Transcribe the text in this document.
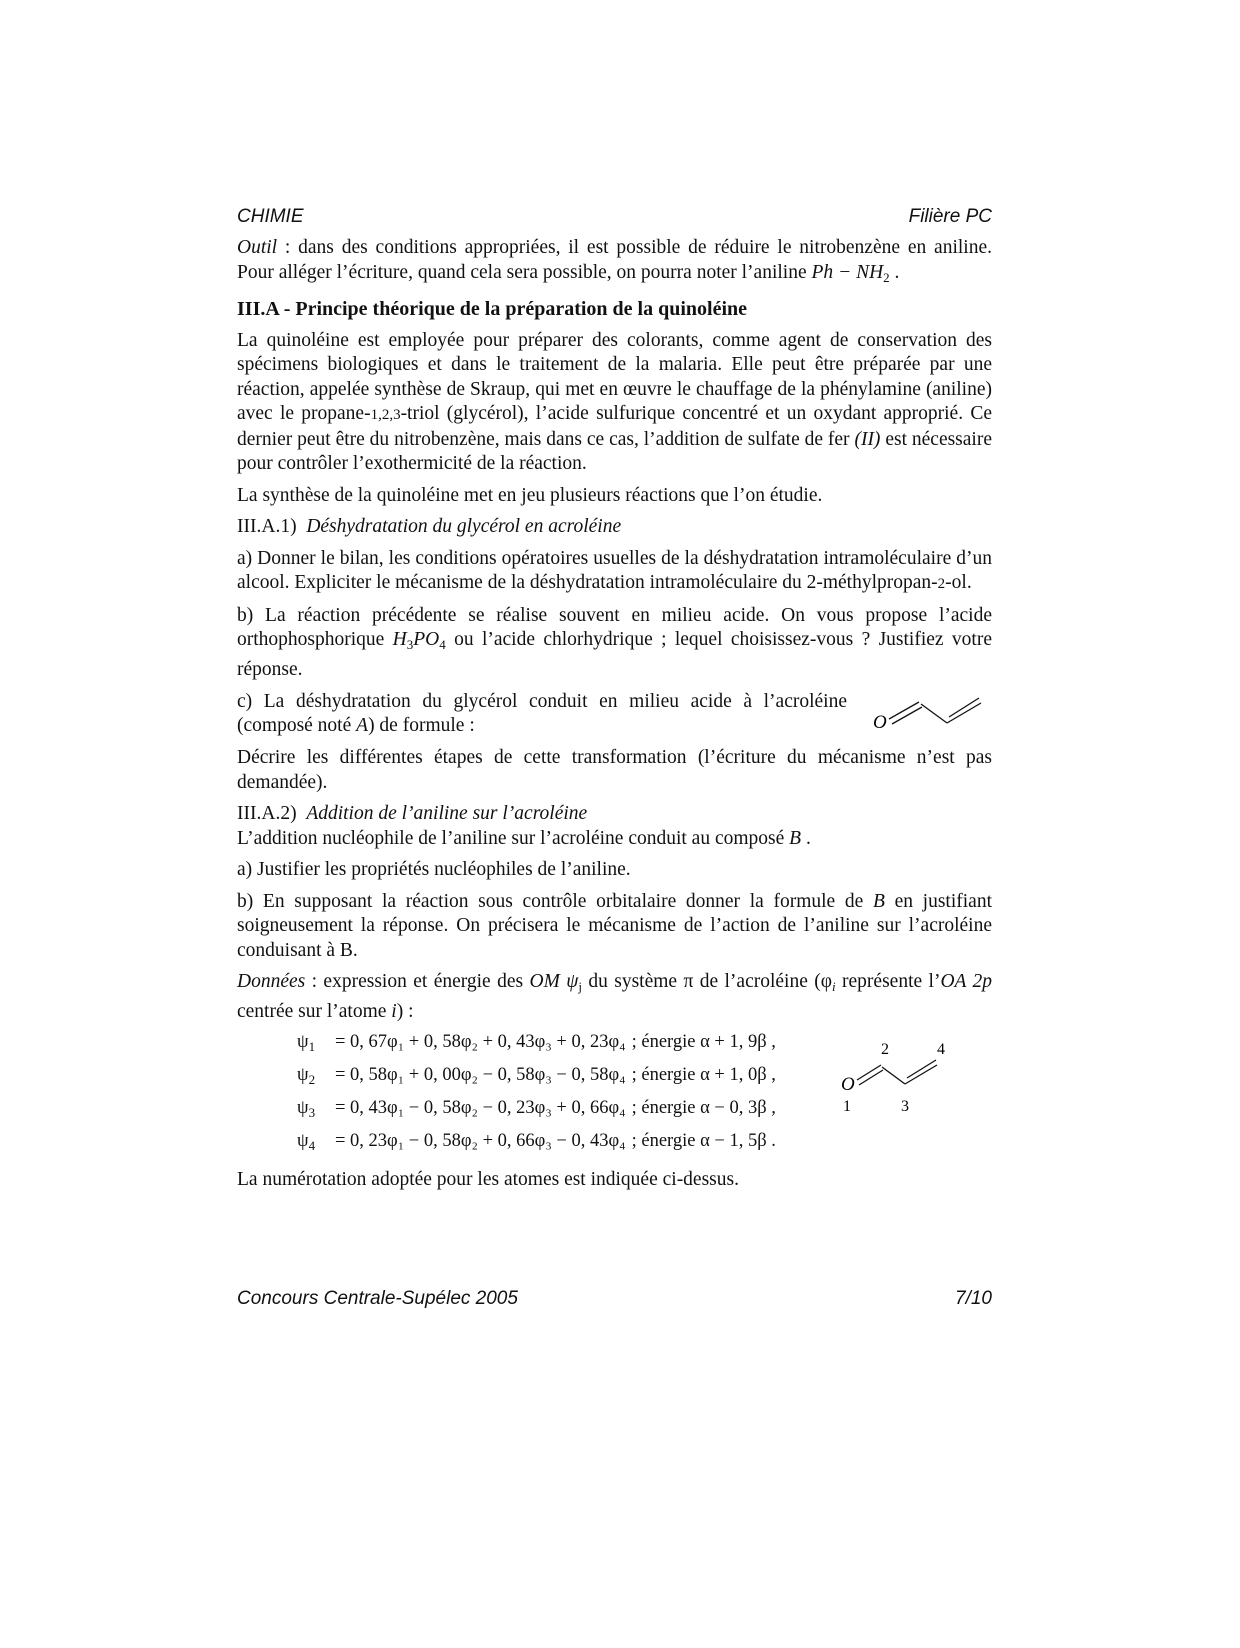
CHIMIE	Filière PC

Outil : dans des conditions appropriées, il est possible de réduire le nitrobenzène en aniline. Pour alléger l’écriture, quand cela sera possible, on pourra noter l’aniline $Ph - NH_2$ .

III.A - Principe théorique de la préparation de la quinoléine

La quinoléine est employée pour préparer des colorants, comme agent de conservation des spécimens biologiques et dans le traitement de la malaria. Elle peut être préparée par une réaction, appelée synthèse de Skraup, qui met en œuvre le chauffage de la phénylamine (aniline) avec le propane-1,2,3-triol (glycérol), l’acide sulfurique concentré et un oxydant approprié. Ce dernier peut être du nitrobenzène, mais dans ce cas, l’addition de sulfate de fer (II) est nécessaire pour contrôler l’exothermicité de la réaction.

La synthèse de la quinoléine met en jeu plusieurs réactions que l’on étudie.

III.A.1) Déshydratation du glycérol en acroléine

a) Donner le bilan, les conditions opératoires usuelles de la déshydratation intramoléculaire d’un alcool. Expliciter le mécanisme de la déshydratation intramoléculaire du 2-méthylpropan-2-ol.

b) La réaction précédente se réalise souvent en milieu acide. On vous propose l’acide orthophosphorique $H_3PO_4$ ou l’acide chlorhydrique ; lequel choisissez-vous ? Justifiez votre réponse.

c) La déshydratation du glycérol conduit en milieu acide à l’acroléine (composé noté A) de formule :	O

Décrire les différentes étapes de cette transformation (l’écriture du mécanisme n’est pas demandée).

III.A.2) Addition de l’aniline sur l’acroléine

L’addition nucléophile de l’aniline sur l’acroléine conduit au composé B .

a) Justifier les propriétés nucléophiles de l’aniline.

b) En supposant la réaction sous contrôle orbitalaire donner la formule de B en justifiant soigneusement la réponse. On précisera le mécanisme de l’action de l’aniline sur l’acroléine conduisant à B.

Données : expression et énergie des OM $\psi_j$ du système π de l’acroléine ($\varphi_i$ représente l’OA 2p centrée sur l’atome i) :

$\psi_1 = 0$, 67φ₁ + 0, 58φ₂ + 0, 43φ₃ + 0, 23φ₄ ; énergie α + 1, 9β ,
$\psi_2 = 0$, 58φ₁ + 0, 00φ₂ − 0, 58φ₃ − 0, 58φ₄ ; énergie α + 1, 0β ,
$\psi_3 = 0$, 43φ₁ − 0, 58φ₂ − 0, 23φ₃ + 0, 66φ₄ ; énergie α − 0, 3β ,
$\psi_4 = 0$, 23φ₁ − 0, 58φ₂ + 0, 66φ₃ − 0, 43φ₄ ; énergie α − 1, 5β .
2	4
O
1	3

La numérotation adoptée pour les atomes est indiquée ci-dessus.

Concours Centrale-Supélec 2005	7/10
